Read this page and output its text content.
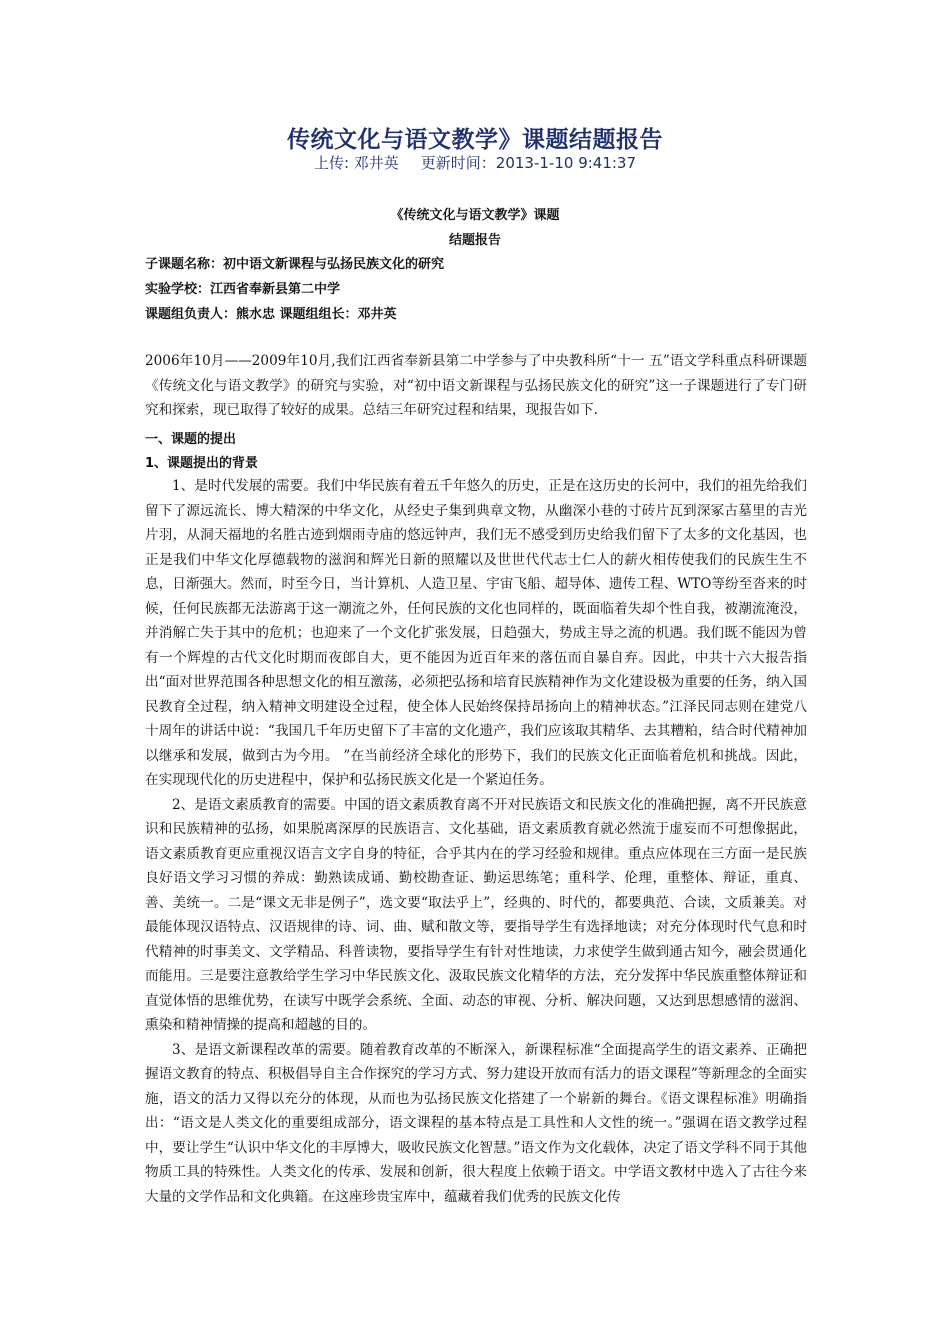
传统文化与语文教学》课题结题报告
上传: 邓井英 更新时间：2013-1-10 9:41:37
《传统文化与语文教学》课题
结题报告
子课题名称：初中语文新课程与弘扬民族文化的研究
实验学校：江西省奉新县第二中学
课题组负责人：熊水忠 课题组组长：邓井英

2006年10月——2009年10月,我们江西省奉新县第二中学参与了中央教科所“十一 五”语文学科重点科研课题《传统文化与语文教学》的研究与实验，对“初中语文新课程与弘扬民族文化的研究”这一子课题进行了专门研究和探索，现已取得了较好的成果。总结三年研究过程和结果，现报告如下.

一、课题的提出
1、课题提出的背景

1、是时代发展的需要。我们中华民族有着五千年悠久的历史，正是在这历史的长河中，我们的祖先给我们留下了源远流长、博大精深的中华文化，从经史子集到典章文物，从幽深小巷的寸砖片瓦到深冢古墓里的吉光片羽，从洞天福地的名胜古迹到烟雨寺庙的悠远钟声，我们无不感受到历史给我们留下了太多的文化基因，也正是我们中华文化厚德载物的滋润和辉光日新的照耀以及世世代代志士仁人的薪火相传使我们的民族生生不息，日渐强大。然而，时至今日，当计算机、人造卫星、宇宙飞船、超导体、遗传工程、WTO等纷至沓来的时候，任何民族都无法游离于这一潮流之外，任何民族的文化也同样的，既面临着失却个性自我，被潮流淹没，并消解亡失于其中的危机；也迎来了一个文化扩张发展，日趋强大，势成主导之流的机遇。我们既不能因为曾有一个辉煌的古代文化时期而夜郎自大，更不能因为近百年来的落伍而自暴自弃。因此，中共十六大报告指出“面对世界范围各种思想文化的相互激荡，必须把弘扬和培育民族精神作为文化建设极为重要的任务，纳入国民教育全过程，纳入精神文明建设全过程，使全体人民始终保持昂扬向上的精神状态。”江泽民同志则在建党八十周年的讲话中说：“我国几千年历史留下了丰富的文化遗产，我们应该取其精华、去其糟粕，结合时代精神加以继承和发展，做到古为今用。 ”在当前经济全球化的形势下，我们的民族文化正面临着危机和挑战。因此，在实现现代化的历史进程中，保护和弘扬民族文化是一个紧迫任务。

2、是语文素质教育的需要。中国的语文素质教育离不开对民族语文和民族文化的准确把握，离不开民族意识和民族精神的弘扬，如果脱离深厚的民族语言、文化基础，语文素质教育就必然流于虚妄而不可想像据此，语文素质教育更应重视汉语言文字自身的特征，合乎其内在的学习经验和规律。重点应体现在三方面一是民族良好语文学习习惯的养成：勤熟读成诵、勤校勘查证、勤运思练笔；重科学、伦理，重整体、辩证，重真、善、美统一。二是“课文无非是例子”，选文要“取法乎上”，经典的、时代的，都要典范、合读，文质兼美。对最能体现汉语特点、汉语规律的诗、词、曲、赋和散文等，要指导学生有选择地读；对充分体现时代气息和时代精神的时事美文、文学精品、科普读物，要指导学生有针对性地读，力求使学生做到通古知今，融会贯通化而能用。三是要注意教给学生学习中华民族文化、汲取民族文化精华的方法，充分发挥中华民族重整体辩证和直觉体悟的思维优势，在读写中既学会系统、全面、动态的审视、分析、解决问题，又达到思想感情的滋润、熏染和精神情操的提高和超越的目的。

3、是语文新课程改革的需要。随着教育改革的不断深入，新课程标准“全面提高学生的语文素养、正确把握语文教育的特点、积极倡导自主合作探究的学习方式、努力建设开放而有活力的语文课程”等新理念的全面实施，语文的活力又得以充分的体现，从而也为弘扬民族文化搭建了一个崭新的舞台。《语文课程标准》明确指出：“语文是人类文化的重要组成部分，语文课程的基本特点是工具性和人文性的统一。”强调在语文教学过程中，要让学生“认识中华文化的丰厚博大，吸收民族文化智慧。”语文作为文化载体，决定了语文学科不同于其他物质工具的特殊性。人类文化的传承、发展和创新，很大程度上依赖于语文。中学语文教材中选入了古往今来大量的文学作品和文化典籍。在这座珍贵宝库中，蕴藏着我们优秀的民族文化传
